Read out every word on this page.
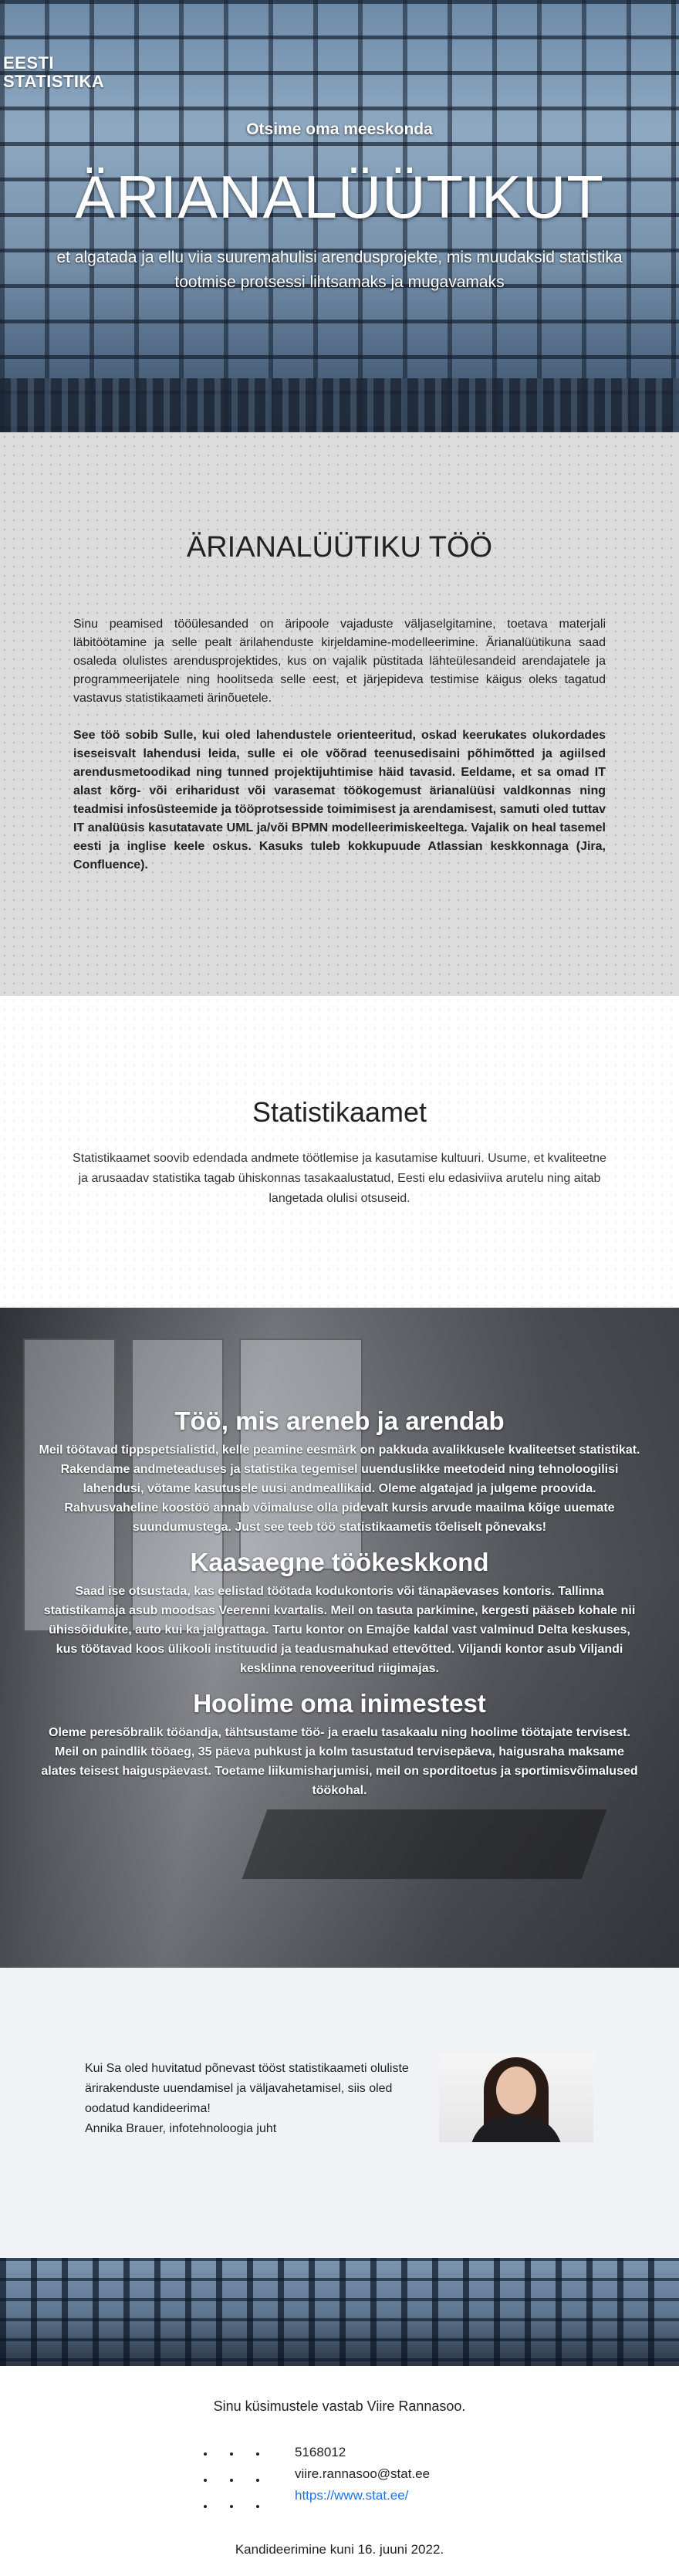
EESTI
STATISTIKA
Otsime oma meeskonda
ÄRIANALÜÜTIKUT
et algatada ja ellu viia suuremahulisi arendusprojekte, mis muudaksid statistika tootmise protsessi lihtsamaks ja mugavamaks
ÄRIANALÜÜTIKU TÖÖ

Sinu peamised tööülesanded on äripoole vajaduste väljaselgitamine, toetava materjali läbitöötamine ja selle pealt ärilahenduste kirjeldamine-modelleerimine. Ärianalüütikuna saad osaleda olulistes arendusprojektides, kus on vajalik püstitada lähteülesandeid arendajatele ja programmeerijatele ning hoolitseda selle eest, et järjepideva testimise käigus oleks tagatud vastavus statistikaameti ärinõuetele.

See töö sobib Sulle, kui oled lahendustele orienteeritud, oskad keerukates olukordades iseseisvalt lahendusi leida, sulle ei ole võõrad teenusedisaini põhimõtted ja agiilsed arendusmetoodikad ning tunned projektijuhtimise häid tavasid. Eeldame, et sa omad IT alast kõrg- või eriharidust või varasemat töökogemust ärianalüüsi valdkonnas ning teadmisi infosüsteemide ja tööprotsesside toimimisest ja arendamisest, samuti oled tuttav IT analüüsis kasutatavate UML ja/või BPMN modelleerimiskeeltega. Vajalik on heal tasemel eesti ja inglise keele oskus. Kasuks tuleb kokkupuude Atlassian keskkonnaga (Jira, Confluence).

Statistikaamet

Statistikaamet soovib edendada andmete töötlemise ja kasutamise kultuuri. Usume, et kvaliteetne ja arusaadav statistika tagab ühiskonnas tasakaalustatud, Eesti elu edasiviiva arutelu ning aitab langetada olulisi otsuseid.

Töö, mis areneb ja arendab

Meil töötavad tippspetsialistid, kelle peamine eesmärk on pakkuda avalikkusele kvaliteetset statistikat. Rakendame andmeteaduses ja statistika tegemisel uuenduslikke meetodeid ning tehnoloogilisi lahendusi, võtame kasutusele uusi andmeallikaid. Oleme algatajad ja julgeme proovida. Rahvusvaheline koostöö annab võimaluse olla pidevalt kursis arvude maailma kõige uuemate suundumustega. Just see teeb töö statistikaametis tõeliselt põnevaks!

Kaasaegne töökeskkond

Saad ise otsustada, kas eelistad töötada kodukontoris või tänapäevases kontoris. Tallinna statistikamaja asub moodsas Veerenni kvartalis. Meil on tasuta parkimine, kergesti pääseb kohale nii ühissõidukite, auto kui ka jalgrattaga. Tartu kontor on Emajõe kaldal vast valminud Delta keskuses, kus töötavad koos ülikooli instituudid ja teadusmahukad ettevõtted. Viljandi kontor asub Viljandi kesklinna renoveeritud riigimajas.

Hoolime oma inimestest

Oleme peresõbralik tööandja, tähtsustame töö- ja eraelu tasakaalu ning hoolime töötajate tervisest. Meil on paindlik tööaeg, 35 päeva puhkust ja kolm tasustatud tervisepäeva, haigusraha maksame alates teisest haiguspäevast. Toetame liikumisharjumisi, meil on sporditoetus ja sportimisvõimalused töökohal.

Kui Sa oled huvitatud põnevast tööst statistikaameti oluliste ärirakenduste uuendamisel ja väljavahetamisel, siis oled oodatud kandideerima!
Annika Brauer, infotehnoloogia juht
Sinu küsimustele vastab Viire Rannasoo.
5168012
viire.rannasoo@stat.ee
https://www.stat.ee/
Kandideerimine kuni 16. juuni 2022.
